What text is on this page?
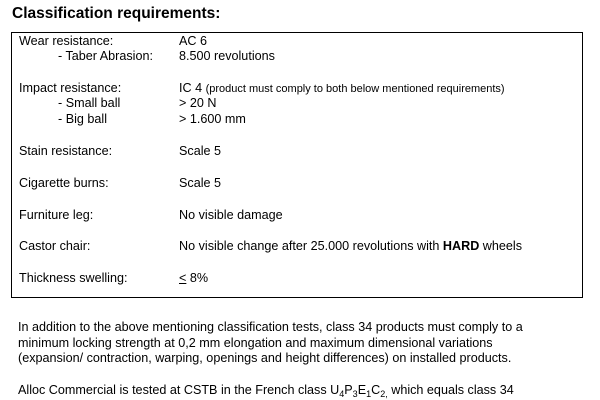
Classification requirements:
Wear resistance:	AC 6
- Taber Abrasion: 8.500 revolutions
Impact resistance:	IC 4 (product must comply to both below mentioned requirements)
- Small ball	> 20 N
- Big ball	> 1.600 mm
Stain resistance:	Scale 5
Cigarette burns:	Scale 5
Furniture leg:	No visible damage
Castor chair:	No visible change after 25.000 revolutions with HARD wheels
Thickness swelling:	< 8%
In addition to the above mentioning classification tests, class 34 products must comply to a
minimum locking strength at 0,2 mm elongation and maximum dimensional variations
(expansion/ contraction, warping, openings and height differences) on installed products.
Alloc Commercial is tested at CSTB in the French class $U_4P_3E_1C_{2,}$ which equals class 34
